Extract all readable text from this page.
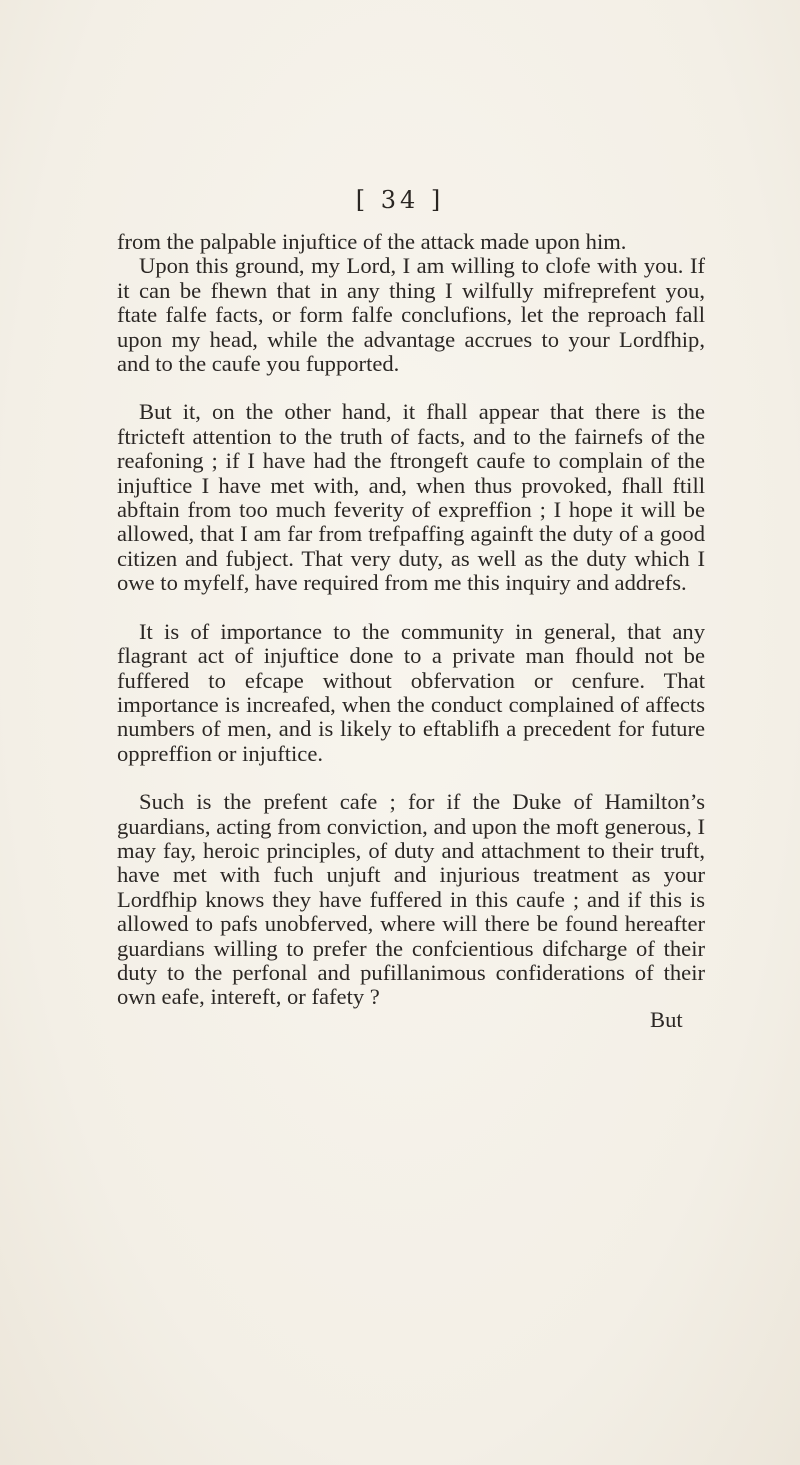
[ 34 ]

from the palpable injuftice of the attack made upon him.

Upon this ground, my Lord, I am willing to clofe with you. If it can be fhewn that in any thing I wilfully mifreprefent you, ftate falfe facts, or form falfe conclufions, let the reproach fall upon my head, while the advantage accrues to your Lordfhip, and to the caufe you fupported.

But it, on the other hand, it fhall appear that there is the ftricteft attention to the truth of facts, and to the fairnefs of the reafoning ; if I have had the ftrongeft caufe to complain of the injuftice I have met with, and, when thus provoked, fhall ftill abftain from too much feverity of expreffion ; I hope it will be allowed, that I am far from trefpaffing againft the duty of a good citizen and fubject. That very duty, as well as the duty which I owe to myfelf, have required from me this inquiry and addrefs.

It is of importance to the community in general, that any flagrant act of injuftice done to a private man fhould not be fuffered to efcape without obfervation or cenfure. That importance is increafed, when the conduct complained of affects numbers of men, and is likely to eftablifh a precedent for future oppreffion or injuftice.

Such is the prefent cafe ; for if the Duke of Hamilton’s guardians, acting from conviction, and upon the moft generous, I may fay, heroic principles, of duty and attachment to their truft, have met with fuch unjuft and injurious treatment as your Lordfhip knows they have fuffered in this caufe ; and if this is allowed to pafs unobferved, where will there be found hereafter guardians willing to prefer the confcientious difcharge of their duty to the perfonal and pufillanimous confiderations of their own eafe, intereft, or fafety ?

But
